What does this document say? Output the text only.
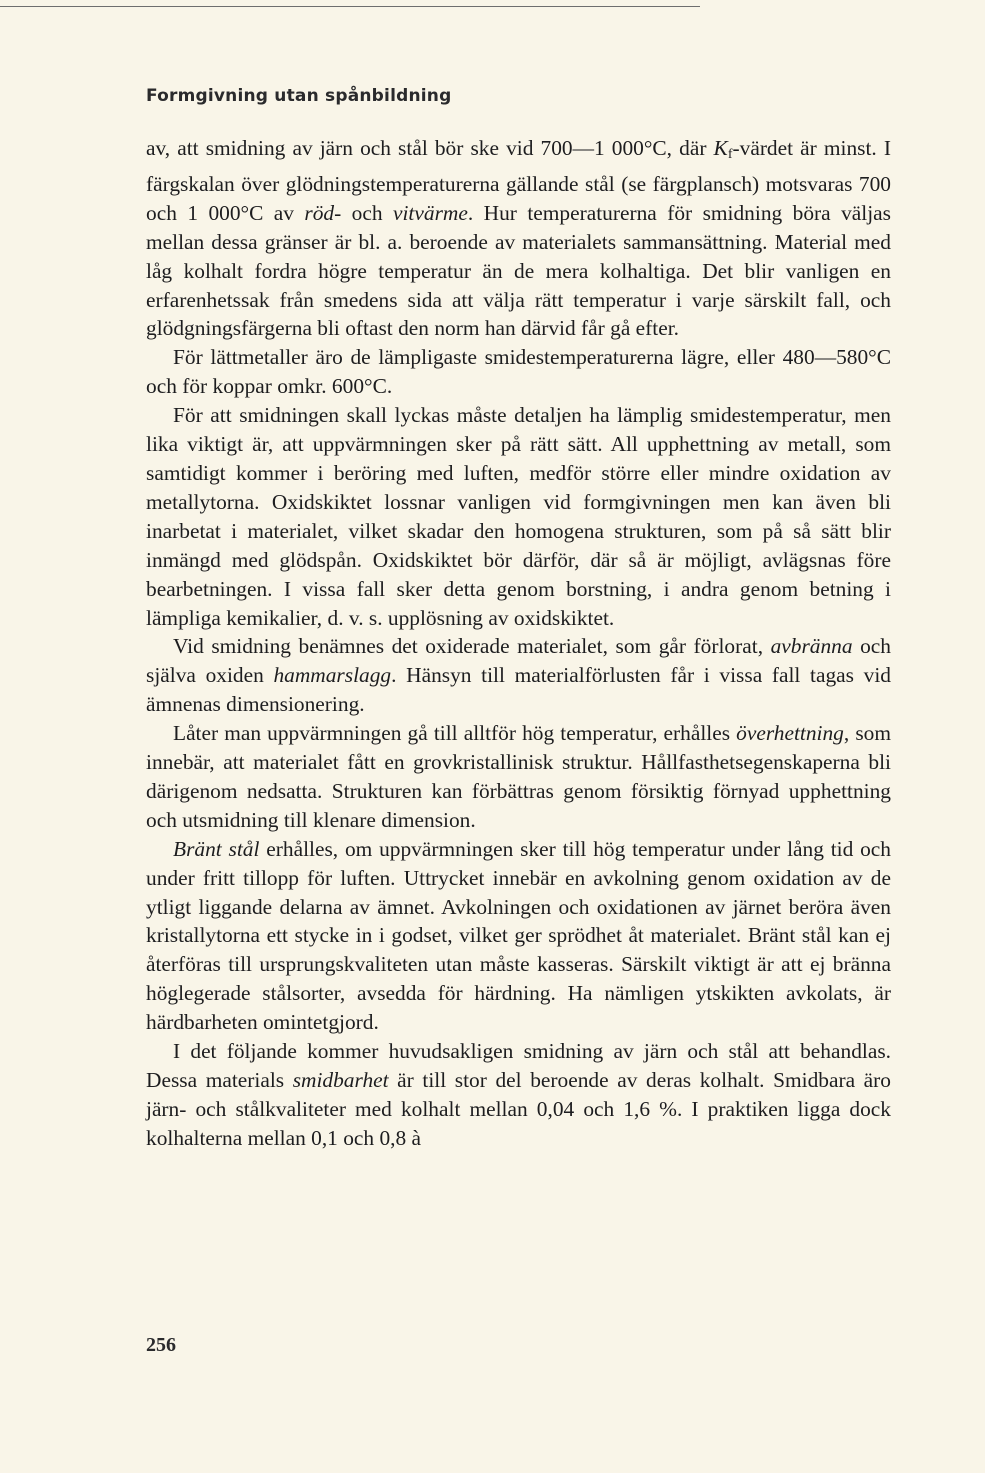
Formgivning utan spånbildning

av, att smidning av järn och stål bör ske vid 700—1 000°C, där $K_f$-värdet är minst. I färgskalan över glödningstemperaturerna gällande stål (se färgplansch) motsvaras 700 och 1 000°C av röd- och vitvärme. Hur temperaturerna för smidning böra väljas mellan dessa gränser är bl. a. beroende av materialets sammansättning. Material med låg kolhalt fordra högre temperatur än de mera kolhaltiga. Det blir vanligen en erfarenhetssak från smedens sida att välja rätt temperatur i varje särskilt fall, och glödgningsfärgerna bli oftast den norm han därvid får gå efter.

För lättmetaller äro de lämpligaste smidestemperaturerna lägre, eller 480—580°C och för koppar omkr. 600°C.

För att smidningen skall lyckas måste detaljen ha lämplig smidestemperatur, men lika viktigt är, att uppvärmningen sker på rätt sätt. All upphettning av metall, som samtidigt kommer i beröring med luften, medför större eller mindre oxidation av metallytorna. Oxidskiktet lossnar vanligen vid formgivningen men kan även bli inarbetat i materialet, vilket skadar den homogena strukturen, som på så sätt blir inmängd med glödspån. Oxidskiktet bör därför, där så är möjligt, avlägsnas före bearbetningen. I vissa fall sker detta genom borstning, i andra genom betning i lämpliga kemikalier, d. v. s. upplösning av oxidskiktet.

Vid smidning benämnes det oxiderade materialet, som går förlorat, avbränna och själva oxiden hammarslagg. Hänsyn till materialförlusten får i vissa fall tagas vid ämnenas dimensionering.

Låter man uppvärmningen gå till alltför hög temperatur, erhålles överhettning, som innebär, att materialet fått en grovkristallinisk struktur. Hållfasthetsegenskaperna bli därigenom nedsatta. Strukturen kan förbättras genom försiktig förnyad upphettning och utsmidning till klenare dimension.

Bränt stål erhålles, om uppvärmningen sker till hög temperatur under lång tid och under fritt tillopp för luften. Uttrycket innebär en avkolning genom oxidation av de ytligt liggande delarna av ämnet. Avkolningen och oxidationen av järnet beröra även kristallytorna ett stycke in i godset, vilket ger sprödhet åt materialet. Bränt stål kan ej återföras till ursprungskvaliteten utan måste kasseras. Särskilt viktigt är att ej bränna höglegerade stålsorter, avsedda för härdning. Ha nämligen ytskikten avkolats, är härdbarheten omintetgjord.

I det följande kommer huvudsakligen smidning av järn och stål att behandlas. Dessa materials smidbarhet är till stor del beroende av deras kolhalt. Smidbara äro järn- och stålkvaliteter med kolhalt mellan 0,04 och 1,6 %. I praktiken ligga dock kolhalterna mellan 0,1 och 0,8 à

256
